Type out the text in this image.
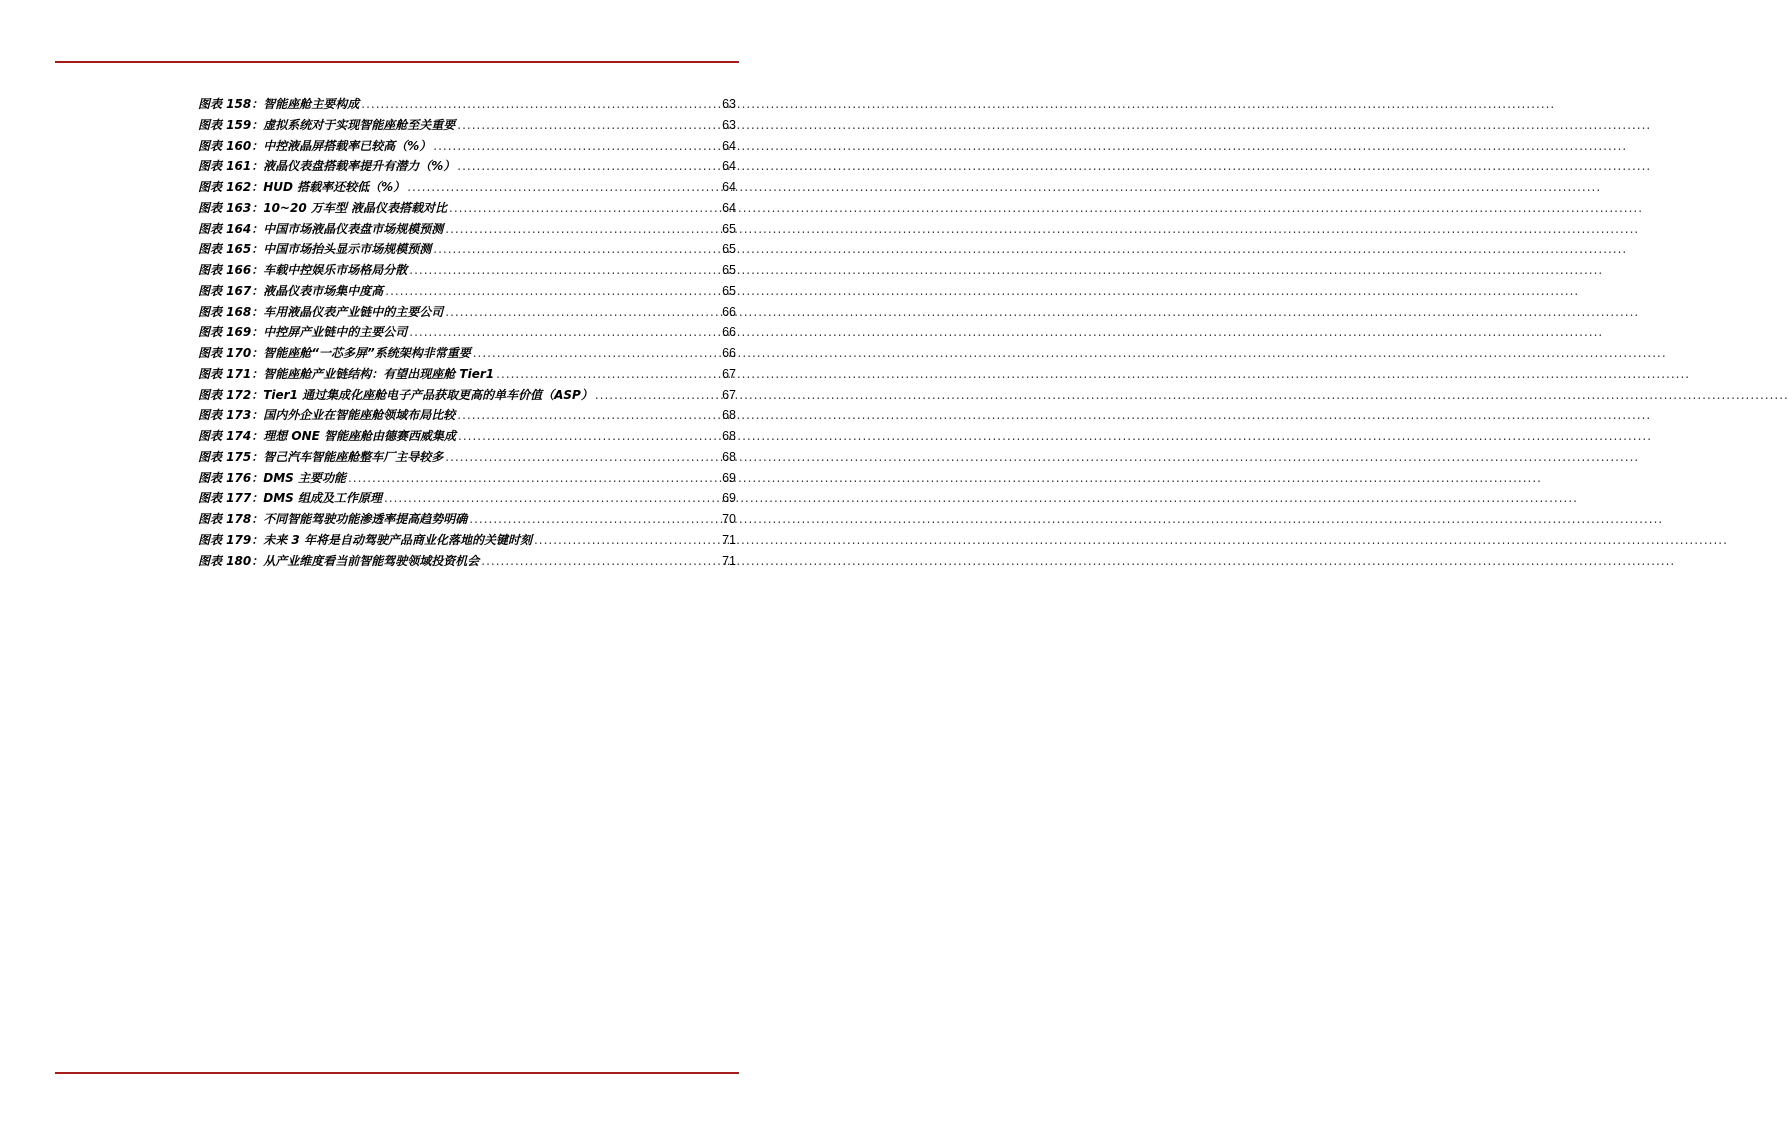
图表 158： 智能座舱主要构成 .....	63
图表 159： 虚拟系统对于实现智能座舱至关重要 .....	63
图表 160： 中控液晶屏搭载率已较高（%） .....	64
图表 161： 液晶仪表盘搭载率提升有潜力（%） .....	64
图表 162： HUD 搭载率还较低（%） .....	64
图表 163： 10~20 万车型 液晶仪表搭载对比 .....	64
图表 164： 中国市场液晶仪表盘市场规模预测 .....	65
图表 165： 中国市场抬头显示市场规模预测 .....	65
图表 166： 车载中控娱乐市场格局分散 .....	65
图表 167： 液晶仪表市场集中度高 .....	65
图表 168： 车用液晶仪表产业链中的主要公司 .....	66
图表 169： 中控屏产业链中的主要公司 .....	66
图表 170： 智能座舱“一芯多屏”系统架构非常重要 .....	66
图表 171： 智能座舱产业链结构：有望出现座舱 Tier1 .....	67
图表 172： Tier1 通过集成化座舱电子产品获取更高的单车价值（ASP） .....	67
图表 173： 国内外企业在智能座舱领域布局比较 .....	68
图表 174： 理想 ONE 智能座舱由德赛西威集成 .....	68
图表 175： 智己汽车智能座舱整车厂主导较多 .....	68
图表 176： DMS 主要功能 .....	69
图表 177： DMS 组成及工作原理 .....	69
图表 178： 不同智能驾驶功能渗透率提高趋势明确 .....	70
图表 179： 未来 3 年将是自动驾驶产品商业化落地的关键时刻 .....	71
图表 180： 从产业维度看当前智能驾驶领域投资机会 .....	71
